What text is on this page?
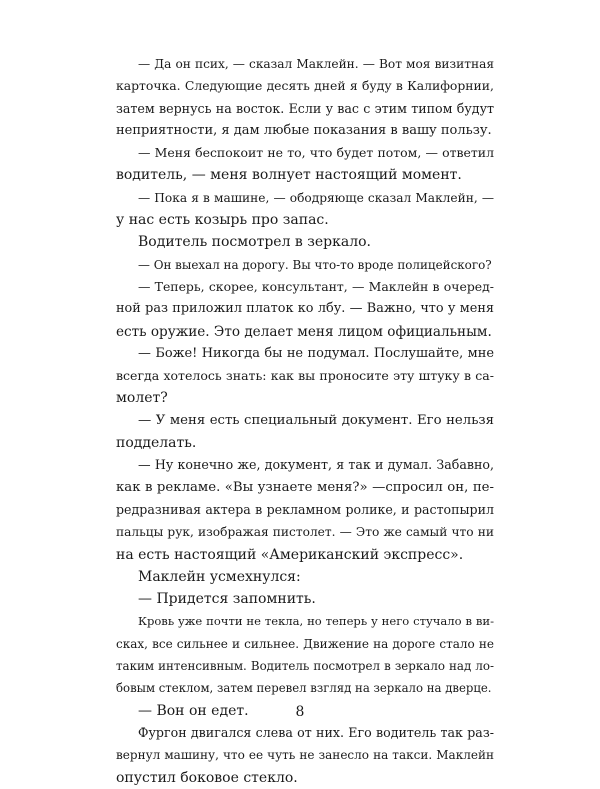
— Да он псих, — сказал Маклейн. — Вот моя визитная
карточка. Следующие десять дней я буду в Калифорнии,
затем вернусь на восток. Если у вас с этим типом будут
неприятности, я дам любые показания в вашу пользу.
— Меня беспокоит не то, что будет потом, — ответил
водитель, — меня волнует настоящий момент.
— Пока я в машине, — ободряюще сказал Маклейн, —
у нас есть козырь про запас.
Водитель посмотрел в зеркало.
— Он выехал на дорогу. Вы что-то вроде полицейского?
— Теперь, скорее, консультант, — Маклейн в очеред-
ной раз приложил платок ко лбу. — Важно, что у меня
есть оружие. Это делает меня лицом официальным.
— Боже! Никогда бы не подумал. Послушайте, мне
всегда хотелось знать: как вы проносите эту штуку в са-
молет?
— У меня есть специальный документ. Его нельзя
подделать.
— Ну конечно же, документ, я так и думал. Забавно,
как в рекламе. «Вы узнаете меня?» —спросил он, пе-
редразнивая актера в рекламном ролике, и растопырил
пальцы рук, изображая пистолет. — Это же самый что ни
на есть настоящий «Американский экспресс».
Маклейн усмехнулся:
— Придется запомнить.
Кровь уже почти не текла, но теперь у него стучало в ви-
сках, все сильнее и сильнее. Движение на дороге стало не
таким интенсивным. Водитель посмотрел в зеркало над ло-
бовым стеклом, затем перевел взгляд на зеркало на дверце.
— Вон он едет.
Фургон двигался слева от них. Его водитель так раз-
вернул машину, что ее чуть не занесло на такси. Маклейн
опустил боковое стекло.
8
